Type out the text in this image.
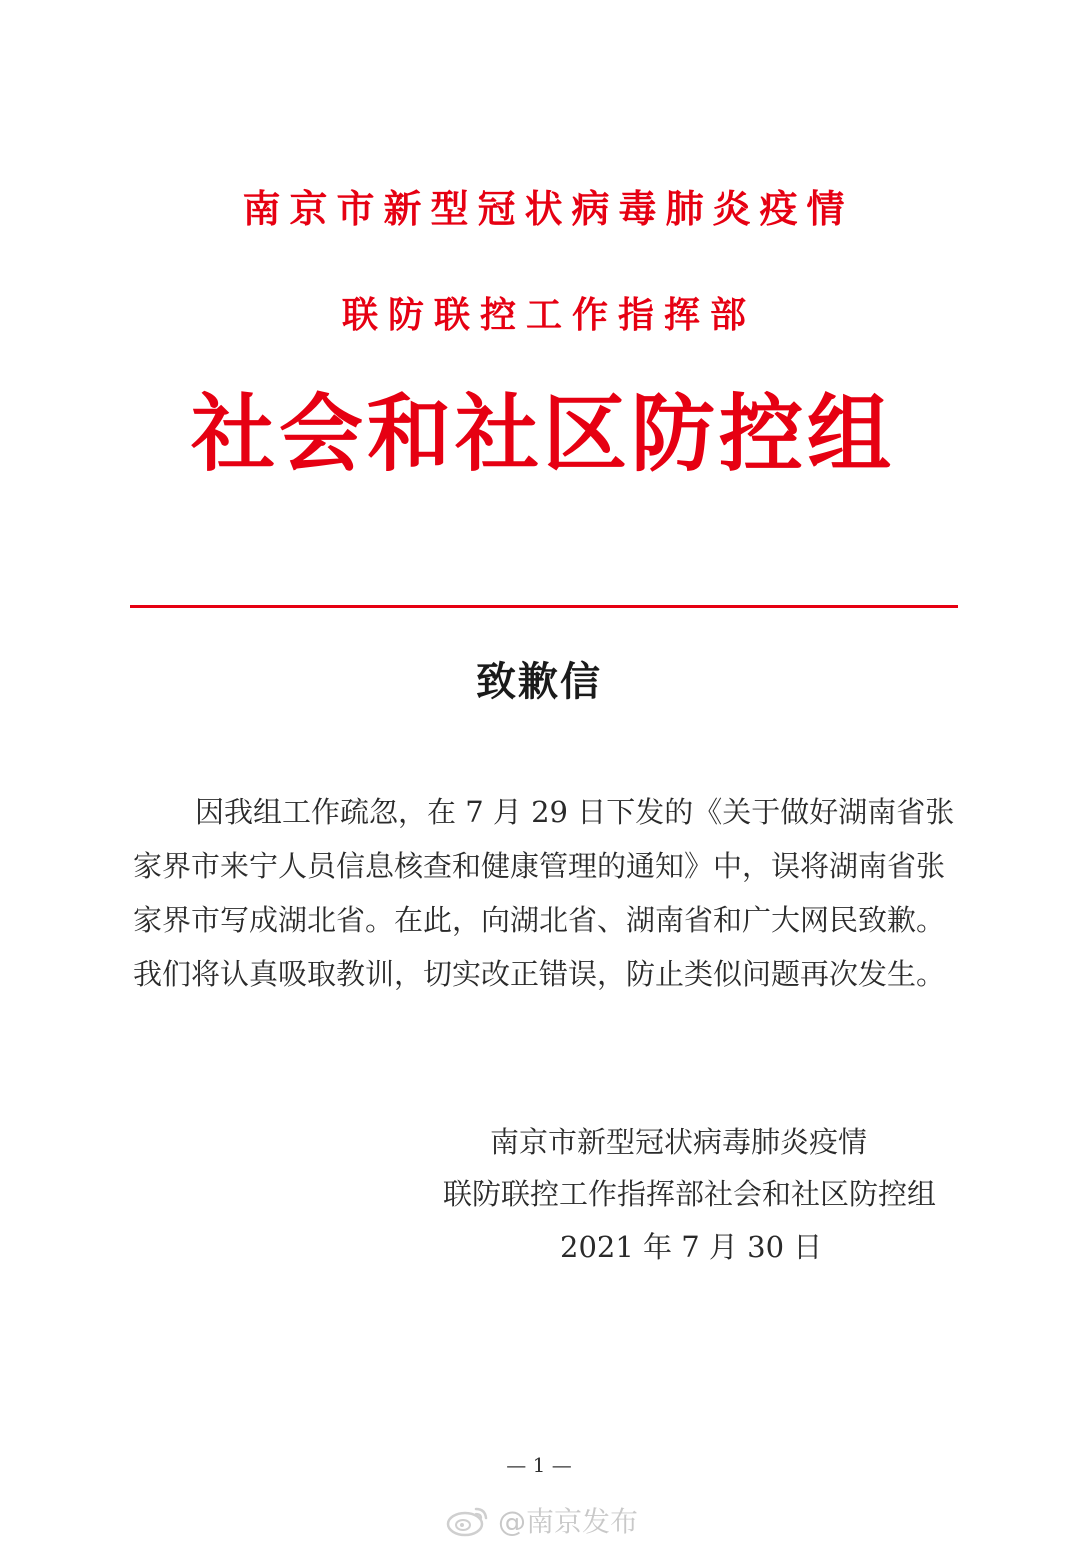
南京市新型冠状病毒肺炎疫情
联防联控工作指挥部
社会和社区防控组
致歉信
因我组工作疏忽，在 7 月 29 日下发的《关于做好湖南省张
家界市来宁人员信息核查和健康管理的通知》中，误将湖南省张
家界市写成湖北省。在此，向湖北省、湖南省和广大网民致歉。
我们将认真吸取教训，切实改正错误，防止类似问题再次发生。
南京市新型冠状病毒肺炎疫情
联防联控工作指挥部社会和社区防控组
2021 年 7 月 30 日
— 1 —
@南京发布
